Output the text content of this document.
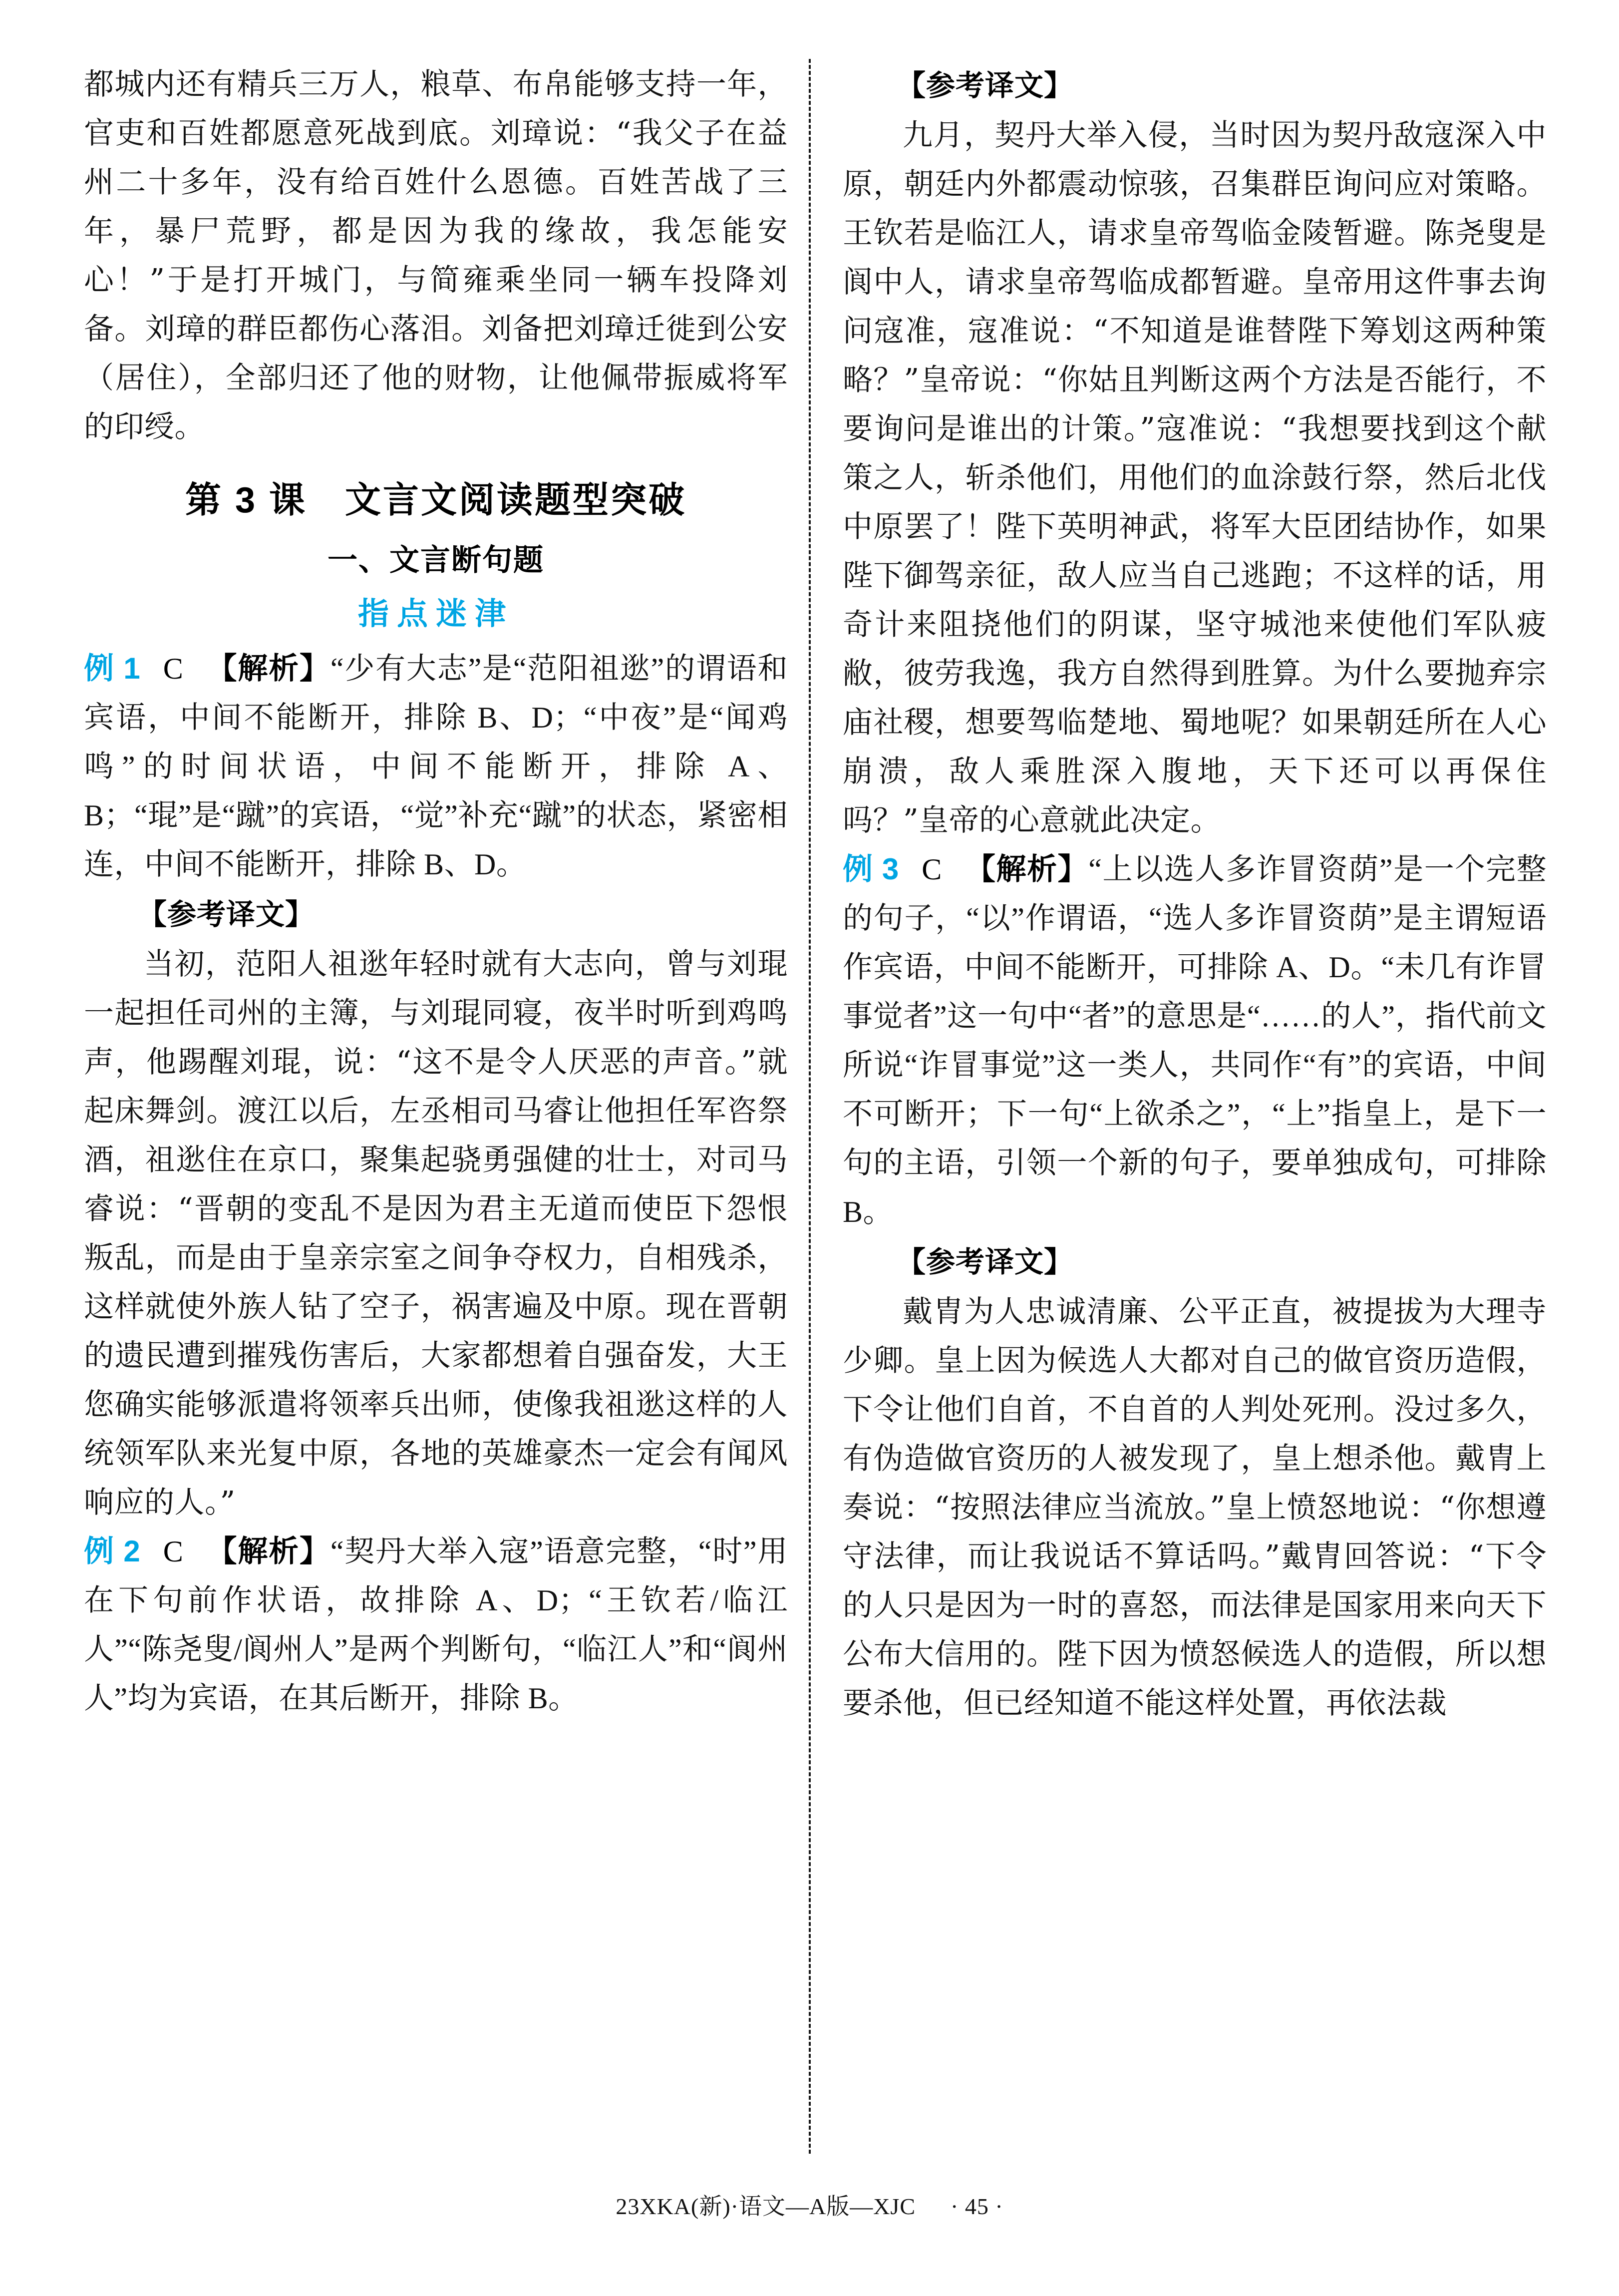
都城内还有精兵三万人，粮草、布帛能够支持一年，官吏和百姓都愿意死战到底。刘璋说：“我父子在益州二十多年，没有给百姓什么恩德。百姓苦战了三年，暴尸荒野，都是因为我的缘故，我怎能安心！”于是打开城门，与简雍乘坐同一辆车投降刘备。刘璋的群臣都伤心落泪。刘备把刘璋迁徙到公安（居住），全部归还了他的财物，让他佩带振威将军的印绶。

第 3 课　文言文阅读题型突破
一、文言断句题
指点迷津

例 1 C 【解析】“少有大志”是“范阳祖逖”的谓语和宾语，中间不能断开，排除 B、D；“中夜”是“闻鸡鸣”的时间状语，中间不能断开，排除 A、B；“琨”是“蹴”的宾语，“觉”补充“蹴”的状态，紧密相连，中间不能断开，排除 B、D。

【参考译文】

当初，范阳人祖逖年轻时就有大志向，曾与刘琨一起担任司州的主簿，与刘琨同寝，夜半时听到鸡鸣声，他踢醒刘琨，说：“这不是令人厌恶的声音。”就起床舞剑。渡江以后，左丞相司马睿让他担任军咨祭酒，祖逖住在京口，聚集起骁勇强健的壮士，对司马睿说：“晋朝的变乱不是因为君主无道而使臣下怨恨叛乱，而是由于皇亲宗室之间争夺权力，自相残杀，这样就使外族人钻了空子，祸害遍及中原。现在晋朝的遗民遭到摧残伤害后，大家都想着自强奋发，大王您确实能够派遣将领率兵出师，使像我祖逖这样的人统领军队来光复中原，各地的英雄豪杰一定会有闻风响应的人。”

例 2 C 【解析】“契丹大举入寇”语意完整，“时”用在下句前作状语，故排除 A、D；“王钦若/临江人”“陈尧叟/阆州人”是两个判断句，“临江人”和“阆州人”均为宾语，在其后断开，排除 B。

【参考译文】

九月，契丹大举入侵，当时因为契丹敌寇深入中原，朝廷内外都震动惊骇，召集群臣询问应对策略。王钦若是临江人，请求皇帝驾临金陵暂避。陈尧叟是阆中人，请求皇帝驾临成都暂避。皇帝用这件事去询问寇准，寇准说：“不知道是谁替陛下筹划这两种策略？”皇帝说：“你姑且判断这两个方法是否能行，不要询问是谁出的计策。”寇准说：“我想要找到这个献策之人，斩杀他们，用他们的血涂鼓行祭，然后北伐中原罢了！陛下英明神武，将军大臣团结协作，如果陛下御驾亲征，敌人应当自己逃跑；不这样的话，用奇计来阻挠他们的阴谋，坚守城池来使他们军队疲敝，彼劳我逸，我方自然得到胜算。为什么要抛弃宗庙社稷，想要驾临楚地、蜀地呢？如果朝廷所在人心崩溃，敌人乘胜深入腹地，天下还可以再保住吗？”皇帝的心意就此决定。

例 3 C 【解析】“上以选人多诈冒资荫”是一个完整的句子，“以”作谓语，“选人多诈冒资荫”是主谓短语作宾语，中间不能断开，可排除 A、D。“未几有诈冒事觉者”这一句中“者”的意思是“……的人”，指代前文所说“诈冒事觉”这一类人，共同作“有”的宾语，中间不可断开；下一句“上欲杀之”，“上”指皇上，是下一句的主语，引领一个新的句子，要单独成句，可排除 B。

【参考译文】

戴胄为人忠诚清廉、公平正直，被提拔为大理寺少卿。皇上因为候选人大都对自己的做官资历造假，下令让他们自首，不自首的人判处死刑。没过多久，有伪造做官资历的人被发现了，皇上想杀他。戴胄上奏说：“按照法律应当流放。”皇上愤怒地说：“你想遵守法律，而让我说话不算话吗。”戴胄回答说：“下令的人只是因为一时的喜怒，而法律是国家用来向天下公布大信用的。陛下因为愤怒候选人的造假，所以想要杀他，但已经知道不能这样处置，再依法裁

23XKA(新)·语文—A版—XJC · 45 ·
